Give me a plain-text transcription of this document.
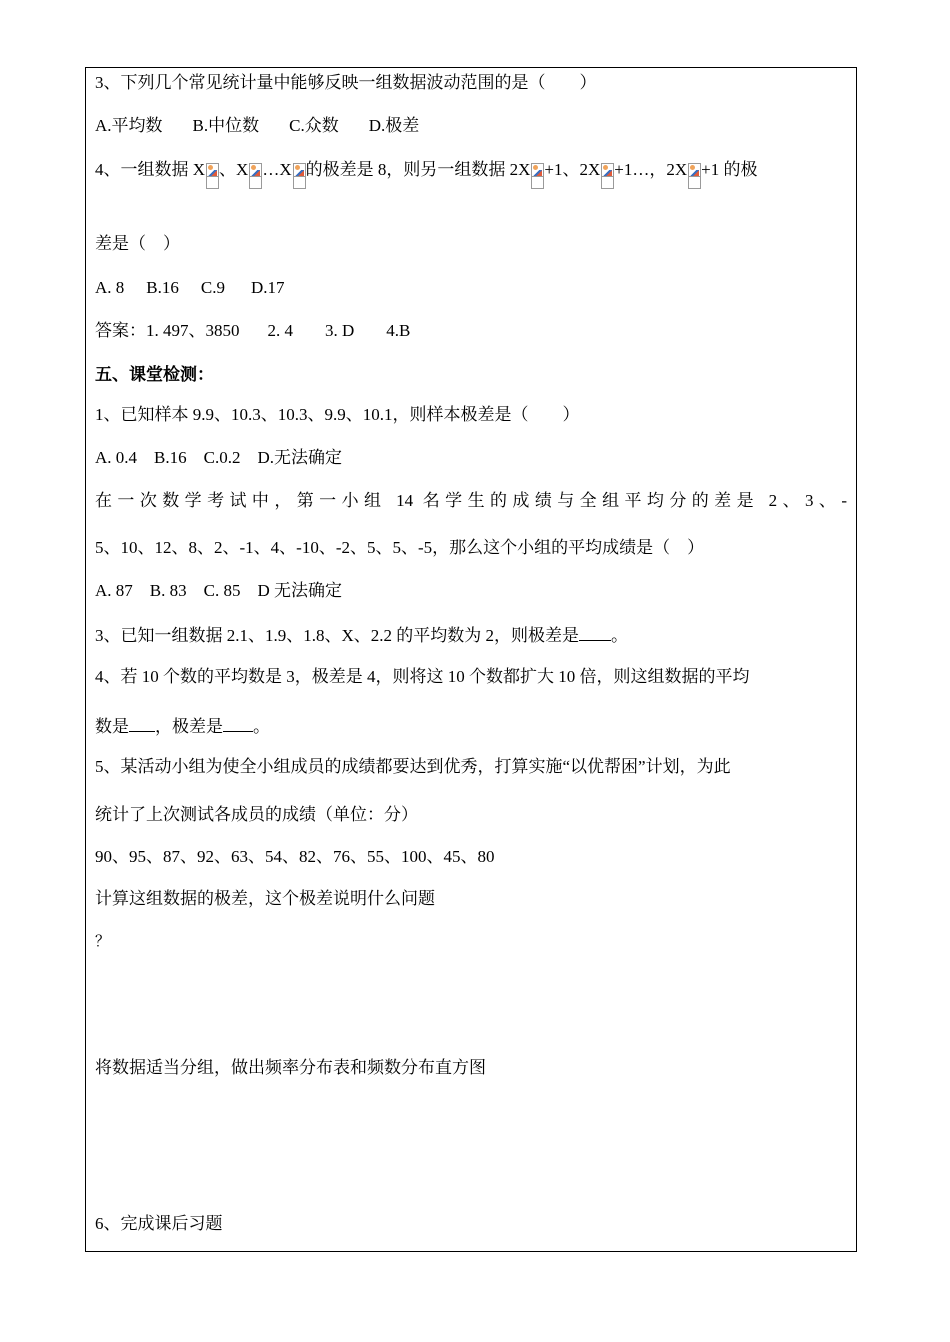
3、下列几个常见统计量中能够反映一组数据波动范围的是（　　）

A.平均数 B.中位数 C.众数 D.极差

4、一组数据 X 、X …X 的极差是 8，则另一组数据 2X +1、2X +1…，2X +1 的极

差是（　）

A. 8 B.16 C.9 D.17

答案：1. 497、3850 2. 4 3. D 4.B

五、课堂检测：

1、已知样本 9.9、10.3、10.3、9.9、10.1，则样本极差是（　　）

A. 0.4　B.16　C.0.2　D.无法确定

在一次数学考试中，第一小组 14 名学生的成绩与全组平均分的差是 2、3、-

5、10、12、8、2、-1、4、-10、-2、5、5、-5，那么这个小组的平均成绩是（　）

A. 87　B. 83　C. 85　D 无法确定

3、已知一组数据 2.1、1.9、1.8、X、2.2 的平均数为 2，则极差是 。

4、若 10 个数的平均数是 3，极差是 4，则将这 10 个数都扩大 10 倍，则这组数据的平均

数是 ，极差是 。

5、某活动小组为使全小组成员的成绩都要达到优秀，打算实施“以优帮困”计划，为此

统计了上次测试各成员的成绩（单位：分）

90、95、87、92、63、54、82、76、55、100、45、80

计算这组数据的极差，这个极差说明什么问题

？

将数据适当分组，做出频率分布表和频数分布直方图

6、完成课后习题
